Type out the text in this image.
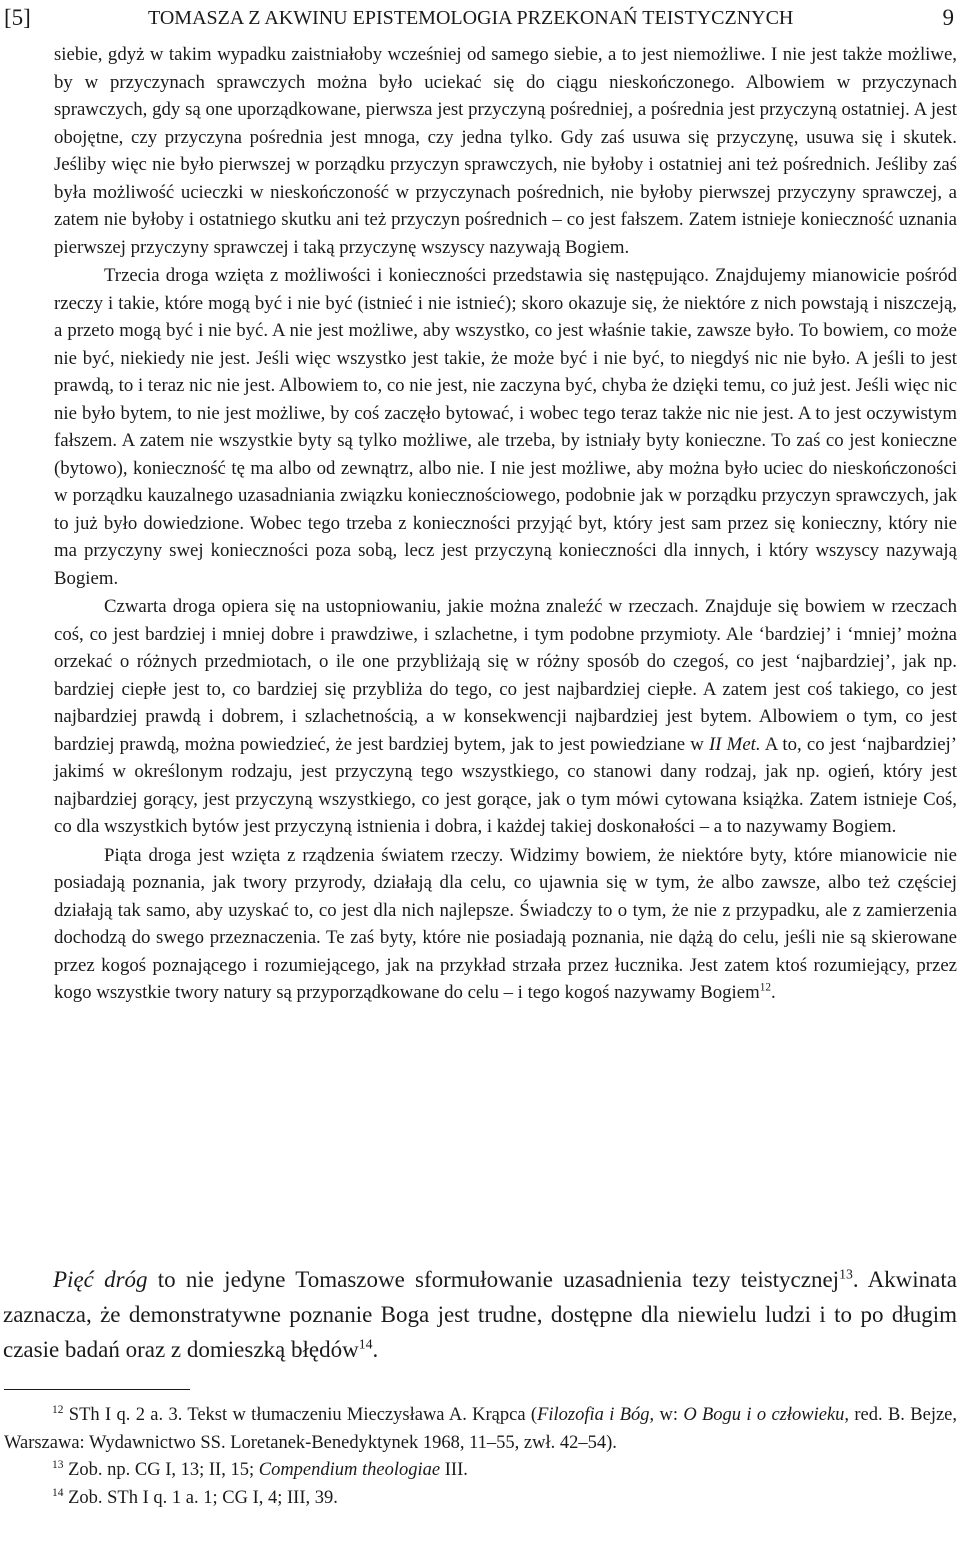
[5]	TOMASZA Z AKWINU EPISTEMOLOGIA PRZEKONAŃ TEISTYCZNYCH	9

siebie, gdyż w takim wypadku zaistniałoby wcześniej od samego siebie, a to jest niemożliwe. I nie jest także możliwe, by w przyczynach sprawczych można było uciekać się do ciągu nieskończonego. Albowiem w przyczynach sprawczych, gdy są one uporządkowane, pierwsza jest przyczyną pośredniej, a pośrednia jest przyczyną ostatniej. A jest obojętne, czy przyczyna pośrednia jest mnoga, czy jedna tylko. Gdy zaś usuwa się przyczynę, usuwa się i skutek. Jeśliby więc nie było pierwszej w porządku przyczyn sprawczych, nie byłoby i ostatniej ani też pośrednich. Jeśliby zaś była możliwość ucieczki w nieskończoność w przyczynach pośrednich, nie byłoby pierwszej przyczyny sprawczej, a zatem nie byłoby i ostatniego skutku ani też przyczyn pośrednich – co jest fałszem. Zatem istnieje konieczność uznania pierwszej przyczyny sprawczej i taką przyczynę wszyscy nazywają Bogiem.

Trzecia droga wzięta z możliwości i konieczności przedstawia się następująco. Znajdujemy mianowicie pośród rzeczy i takie, które mogą być i nie być (istnieć i nie istnieć); skoro okazuje się, że niektóre z nich powstają i niszczeją, a przeto mogą być i nie być. A nie jest możliwe, aby wszystko, co jest właśnie takie, zawsze było. To bowiem, co może nie być, niekiedy nie jest. Jeśli więc wszystko jest takie, że może być i nie być, to niegdyś nic nie było. A jeśli to jest prawdą, to i teraz nic nie jest. Albowiem to, co nie jest, nie zaczyna być, chyba że dzięki temu, co już jest. Jeśli więc nic nie było bytem, to nie jest możliwe, by coś zaczęło bytować, i wobec tego teraz także nic nie jest. A to jest oczywistym fałszem. A zatem nie wszystkie byty są tylko możliwe, ale trzeba, by istniały byty konieczne. To zaś co jest konieczne (bytowo), konieczność tę ma albo od zewnątrz, albo nie. I nie jest możliwe, aby można było uciec do nieskończoności w porządku kauzalnego uzasadniania związku koniecznościowego, podobnie jak w porządku przyczyn sprawczych, jak to już było dowiedzione. Wobec tego trzeba z konieczności przyjąć byt, który jest sam przez się konieczny, który nie ma przyczyny swej konieczności poza sobą, lecz jest przyczyną konieczności dla innych, i który wszyscy nazywają Bogiem.

Czwarta droga opiera się na ustopniowaniu, jakie można znaleźć w rzeczach. Znajduje się bowiem w rzeczach coś, co jest bardziej i mniej dobre i prawdziwe, i szlachetne, i tym podobne przymioty. Ale ‘bardziej’ i ‘mniej’ można orzekać o różnych przedmiotach, o ile one przybliżają się w różny sposób do czegoś, co jest ‘najbardziej’, jak np. bardziej ciepłe jest to, co bardziej się przybliża do tego, co jest najbardziej ciepłe. A zatem jest coś takiego, co jest najbardziej prawdą i dobrem, i szlachetnością, a w konsekwencji najbardziej jest bytem. Albowiem o tym, co jest bardziej prawdą, można powiedzieć, że jest bardziej bytem, jak to jest powiedziane w II Met. A to, co jest ‘najbardziej’ jakimś w określonym rodzaju, jest przyczyną tego wszystkiego, co stanowi dany rodzaj, jak np. ogień, który jest najbardziej gorący, jest przyczyną wszystkiego, co jest gorące, jak o tym mówi cytowana książka. Zatem istnieje Coś, co dla wszystkich bytów jest przyczyną istnienia i dobra, i każdej takiej doskonałości – a to nazywamy Bogiem.

Piąta droga jest wzięta z rządzenia światem rzeczy. Widzimy bowiem, że niektóre byty, które mianowicie nie posiadają poznania, jak twory przyrody, działają dla celu, co ujawnia się w tym, że albo zawsze, albo też częściej działają tak samo, aby uzyskać to, co jest dla nich najlepsze. Świadczy to o tym, że nie z przypadku, ale z zamierzenia dochodzą do swego przeznaczenia. Te zaś byty, które nie posiadają poznania, nie dążą do celu, jeśli nie są skierowane przez kogoś poznającego i rozumiejącego, jak na przykład strzała przez łucznika. Jest zatem ktoś rozumiejący, przez kogo wszystkie twory natury są przyporządkowane do celu – i tego kogoś nazywamy Bogiem$^{12}$.

Pięć dróg to nie jedyne Tomaszowe sformułowanie uzasadnienia tezy teistycznej$^{13}$. Akwinata zaznacza, że demonstratywne poznanie Boga jest trudne, dostępne dla niewielu ludzi i to po długim czasie badań oraz z domieszką błędów$^{14}$.

$^{12}$ STh I q. 2 a. 3. Tekst w tłumaczeniu Mieczysława A. Krąpca (Filozofia i Bóg, w: O Bogu i o człowieku, red. B. Bejze, Warszawa: Wydawnictwo SS. Loretanek-Benedyktynek 1968, 11–55, zwł. 42–54).

$^{13}$ Zob. np. CG I, 13; II, 15; Compendium theologiae III.

$^{14}$ Zob. STh I q. 1 a. 1; CG I, 4; III, 39.
